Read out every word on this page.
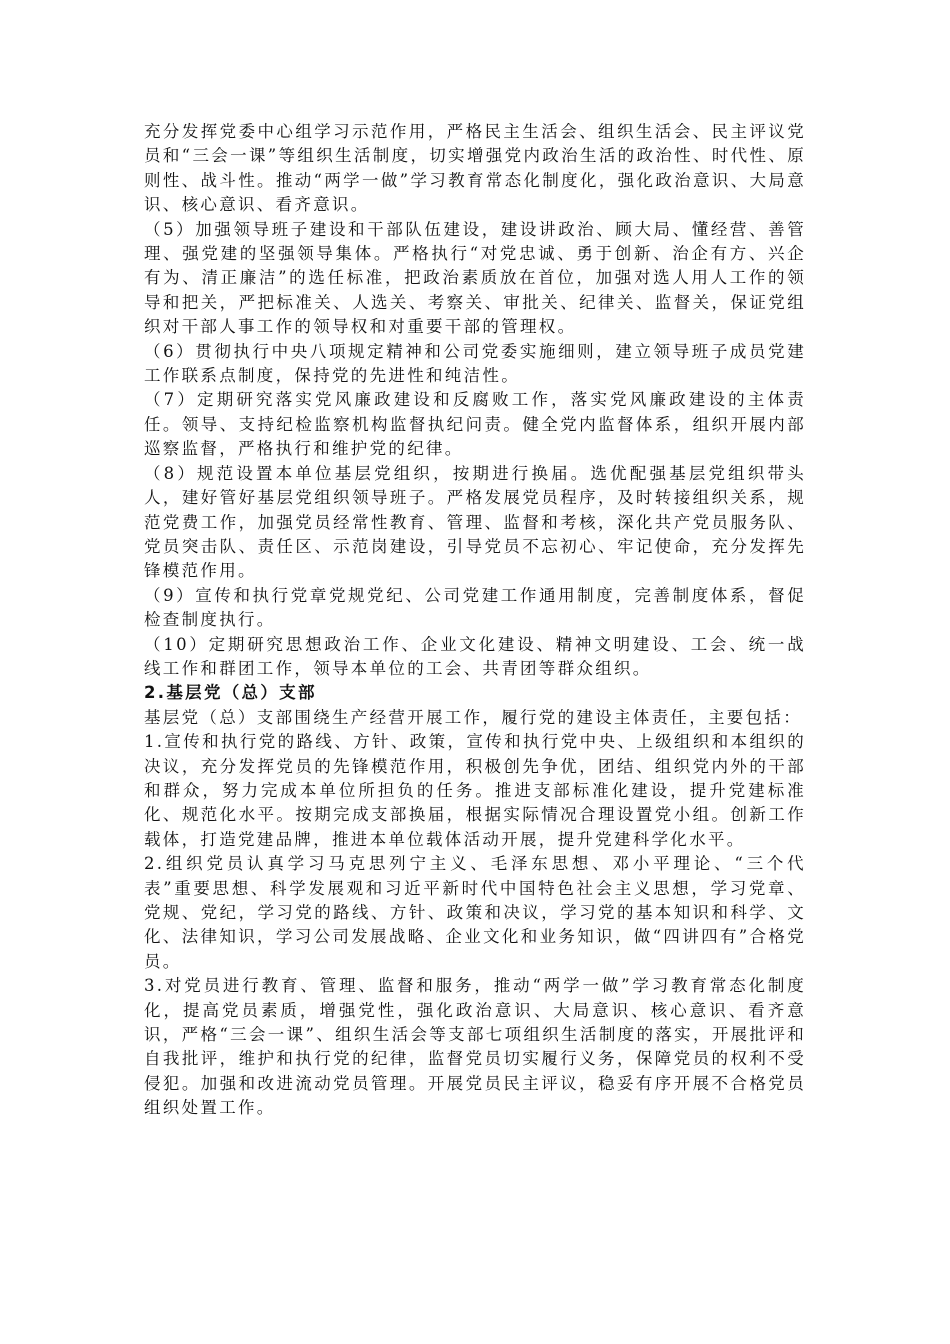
充分发挥党委中心组学习示范作用，严格民主生活会、组织生活会、民主评议党员和“三会一课”等组织生活制度，切实增强党内政治生活的政治性、时代性、原则性、战斗性。推动“两学一做”学习教育常态化制度化，强化政治意识、大局意识、核心意识、看齐意识。

（5）加强领导班子建设和干部队伍建设，建设讲政治、顾大局、懂经营、善管理、强党建的坚强领导集体。严格执行“对党忠诚、勇于创新、治企有方、兴企有为、清正廉洁”的选任标准，把政治素质放在首位，加强对选人用人工作的领导和把关，严把标准关、人选关、考察关、审批关、纪律关、监督关，保证党组织对干部人事工作的领导权和对重要干部的管理权。

（6）贯彻执行中央八项规定精神和公司党委实施细则，建立领导班子成员党建工作联系点制度，保持党的先进性和纯洁性。

（7）定期研究落实党风廉政建设和反腐败工作，落实党风廉政建设的主体责任。领导、支持纪检监察机构监督执纪问责。健全党内监督体系，组织开展内部巡察监督，严格执行和维护党的纪律。

（8）规范设置本单位基层党组织，按期进行换届。选优配强基层党组织带头人，建好管好基层党组织领导班子。严格发展党员程序，及时转接组织关系，规范党费工作，加强党员经常性教育、管理、监督和考核，深化共产党员服务队、党员突击队、责任区、示范岗建设，引导党员不忘初心、牢记使命，充分发挥先锋模范作用。

（9）宣传和执行党章党规党纪、公司党建工作通用制度，完善制度体系，督促检查制度执行。

（10）定期研究思想政治工作、企业文化建设、精神文明建设、工会、统一战线工作和群团工作，领导本单位的工会、共青团等群众组织。

2.基层党（总）支部

基层党（总）支部围绕生产经营开展工作，履行党的建设主体责任，主要包括：

1.宣传和执行党的路线、方针、政策，宣传和执行党中央、上级组织和本组织的决议，充分发挥党员的先锋模范作用，积极创先争优，团结、组织党内外的干部和群众，努力完成本单位所担负的任务。推进支部标准化建设，提升党建标准化、规范化水平。按期完成支部换届，根据实际情况合理设置党小组。创新工作载体，打造党建品牌，推进本单位载体活动开展，提升党建科学化水平。

2.组织党员认真学习马克思列宁主义、毛泽东思想、邓小平理论、“三个代表”重要思想、科学发展观和习近平新时代中国特色社会主义思想，学习党章、党规、党纪，学习党的路线、方针、政策和决议，学习党的基本知识和科学、文化、法律知识，学习公司发展战略、企业文化和业务知识，做“四讲四有”合格党员。

3.对党员进行教育、管理、监督和服务，推动“两学一做”学习教育常态化制度化，提高党员素质，增强党性，强化政治意识、大局意识、核心意识、看齐意识，严格“三会一课”、组织生活会等支部七项组织生活制度的落实，开展批评和自我批评，维护和执行党的纪律，监督党员切实履行义务，保障党员的权利不受侵犯。加强和改进流动党员管理。开展党员民主评议，稳妥有序开展不合格党员组织处置工作。
